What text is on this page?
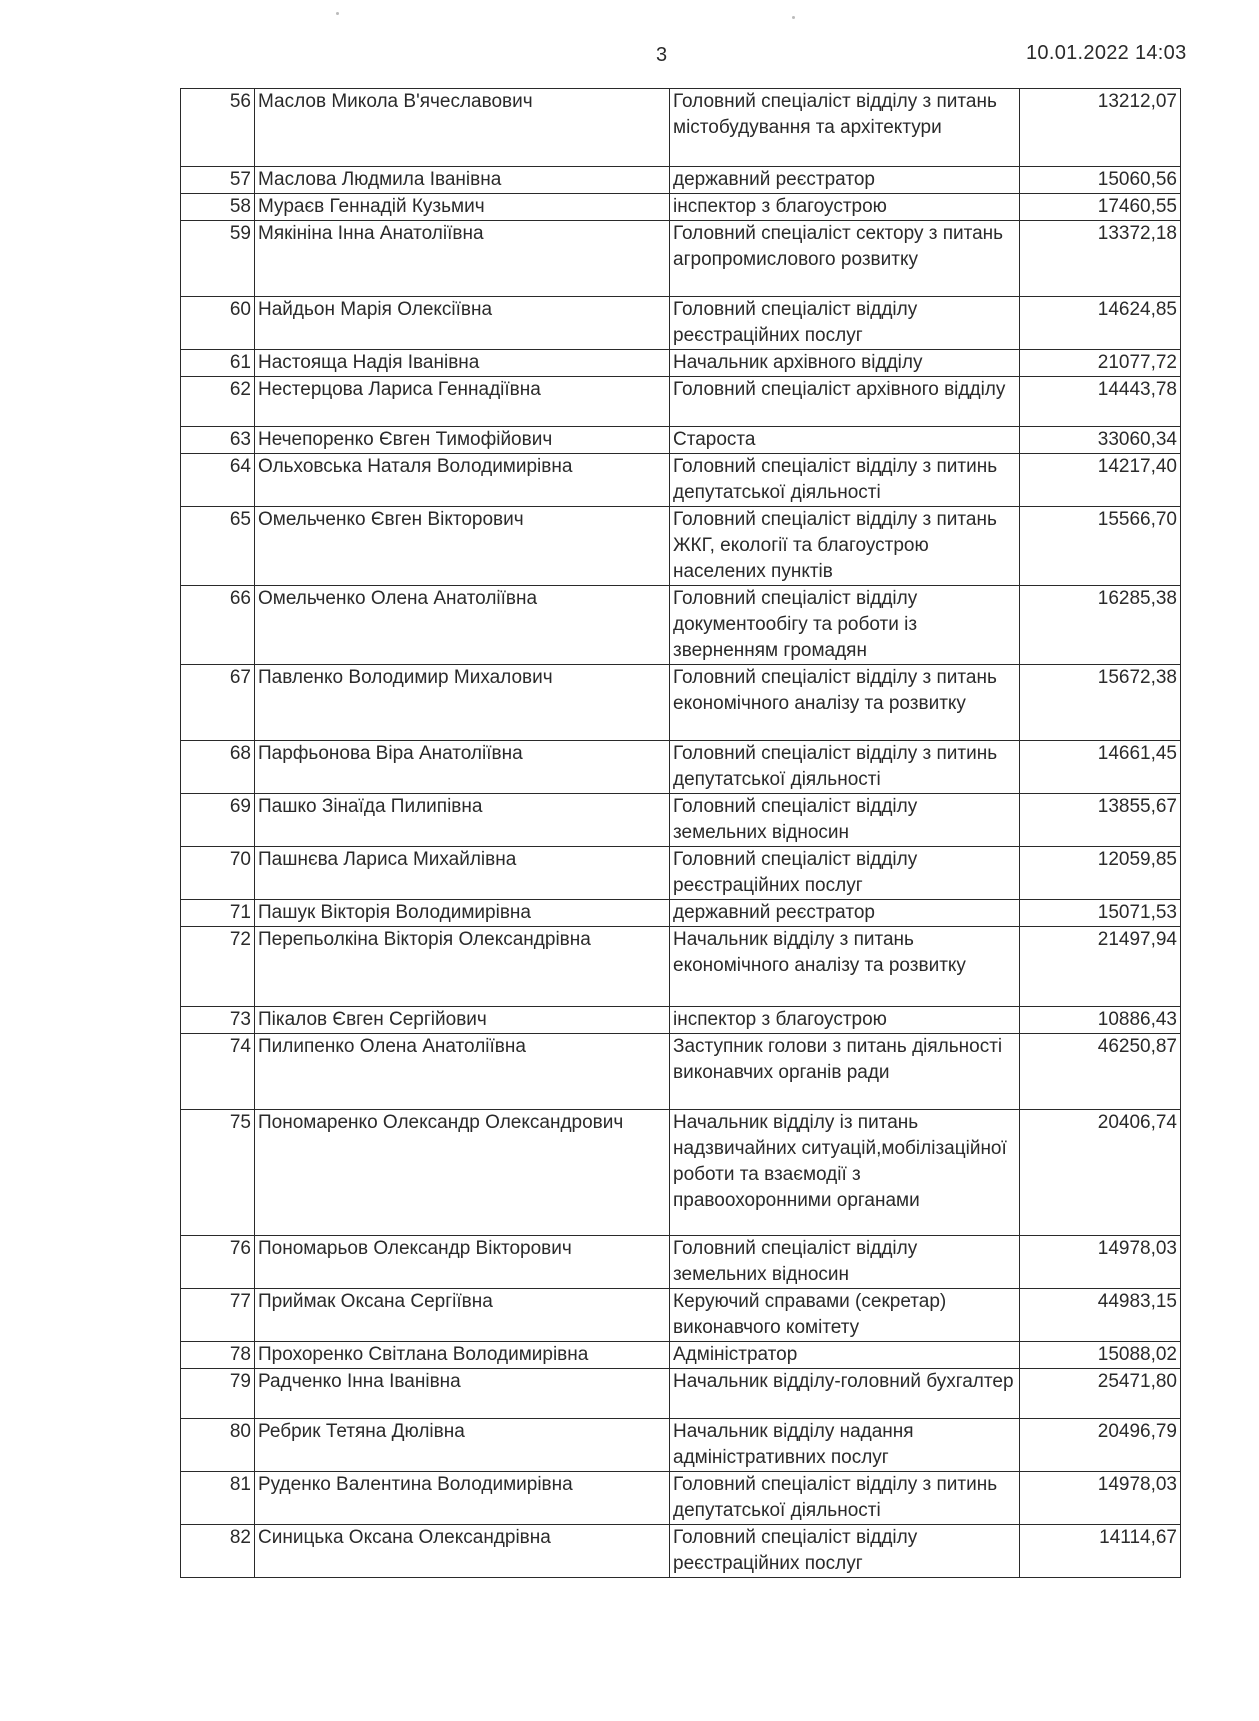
3	10.01.2022 14:03
56	Маслов Микола В'ячеславович	Головний спеціаліст відділу з питань містобудування та архітектури	13212,07
57	Маслова Людмила Іванівна	державний реєстратор	15060,56
58	Мураєв Геннадій Кузьмич	інспектор з благоустрою	17460,55
59	Мякініна Інна Анатоліївна	Головний спеціаліст сектору з питань агропромислового розвитку	13372,18
60	Найдьон Марія Олексіївна	Головний спеціаліст відділу реєстраційних послуг	14624,85
61	Настояща Надія Іванівна	Начальник архівного відділу	21077,72
62	Нестерцова Лариса Геннадіївна	Головний спеціаліст архівного відділу	14443,78
63	Нечепоренко Євген Тимофійович	Староста	33060,34
64	Ольховська Наталя Володимирівна	Головний спеціаліст відділу з питинь депутатської діяльності	14217,40
65	Омельченко Євген Вікторович	Головний спеціаліст відділу з питань ЖКГ, екології та благоустрою населених пунктів	15566,70
66	Омельченко Олена Анатоліївна	Головний спеціаліст відділу документообігу та роботи із зверненням громадян	16285,38
67	Павленко Володимир Михалович	Головний спеціаліст відділу з питань економічного аналізу та розвитку	15672,38
68	Парфьонова Віра Анатоліївна	Головний спеціаліст відділу з питинь депутатської діяльності	14661,45
69	Пашко Зінаїда Пилипівна	Головний спеціаліст відділу земельних відносин	13855,67
70	Пашнєва Лариса Михайлівна	Головний спеціаліст відділу реєстраційних послуг	12059,85
71	Пашук Вікторія Володимирівна	державний реєстратор	15071,53
72	Перепьолкіна Вікторія Олександрівна	Начальник відділу з питань економічного аналізу та розвитку	21497,94
73	Пікалов Євген Сергійович	інспектор з благоустрою	10886,43
74	Пилипенко Олена Анатоліївна	Заступник голови з питань діяльності виконавчих органів ради	46250,87
75	Пономаренко Олександр Олександрович	Начальник відділу із питань надзвичайних ситуацій,мобілізаційної роботи та взаємодії з правоохоронними органами	20406,74
76	Пономарьов Олександр Вікторович	Головний спеціаліст відділу земельних відносин	14978,03
77	Приймак Оксана Сергіївна	Керуючий справами (секретар) виконавчого комітету	44983,15
78	Прохоренко Світлана Володимирівна	Адміністратор	15088,02
79	Радченко Інна Іванівна	Начальник відділу-головний бухгалтер	25471,80
80	Ребрик Тетяна Дюлівна	Начальник відділу надання адміністративних послуг	20496,79
81	Руденко Валентина Володимирівна	Головний спеціаліст відділу з питинь депутатської діяльності	14978,03
82	Синицька Оксана Олександрівна	Головний спеціаліст відділу реєстраційних послуг	14114,67
